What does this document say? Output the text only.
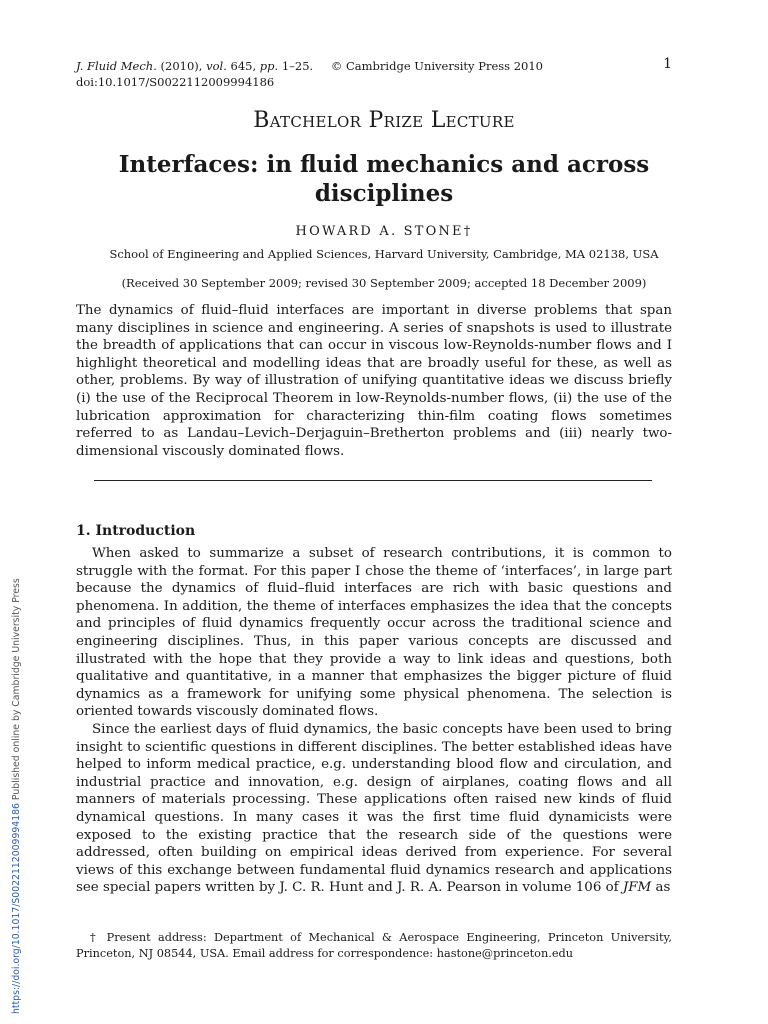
J. Fluid Mech. (2010), vol. 645, pp. 1–25. © Cambridge University Press 2010
doi:10.1017/S0022112009994186
1
Batchelor Prize Lecture
Interfaces: in fluid mechanics and across disciplines
HOWARD A. STONE†
School of Engineering and Applied Sciences, Harvard University, Cambridge, MA 02138, USA
(Received 30 September 2009; revised 30 September 2009; accepted 18 December 2009)
The dynamics of fluid–fluid interfaces are important in diverse problems that span many disciplines in science and engineering. A series of snapshots is used to illustrate the breadth of applications that can occur in viscous low-Reynolds-number flows and I highlight theoretical and modelling ideas that are broadly useful for these, as well as other, problems. By way of illustration of unifying quantitative ideas we discuss briefly (i) the use of the Reciprocal Theorem in low-Reynolds-number flows, (ii) the use of the lubrication approximation for characterizing thin-film coating flows sometimes referred to as Landau–Levich–Derjaguin–Bretherton problems and (iii) nearly two-dimensional viscously dominated flows.
1. Introduction

When asked to summarize a subset of research contributions, it is common to struggle with the format. For this paper I chose the theme of ‘interfaces’, in large part because the dynamics of fluid–fluid interfaces are rich with basic questions and phenomena. In addition, the theme of interfaces emphasizes the idea that the concepts and principles of fluid dynamics frequently occur across the traditional science and engineering disciplines. Thus, in this paper various concepts are discussed and illustrated with the hope that they provide a way to link ideas and questions, both qualitative and quantitative, in a manner that emphasizes the bigger picture of fluid dynamics as a framework for unifying some physical phenomena. The selection is oriented towards viscously dominated flows.

Since the earliest days of fluid dynamics, the basic concepts have been used to bring insight to scientific questions in different disciplines. The better established ideas have helped to inform medical practice, e.g. understanding blood flow and circulation, and industrial practice and innovation, e.g. design of airplanes, coating flows and all manners of materials processing. These applications often raised new kinds of fluid dynamical questions. In many cases it was the first time fluid dynamicists were exposed to the existing practice that the research side of the questions were addressed, often building on empirical ideas derived from experience. For several views of this exchange between fundamental fluid dynamics research and applications see special papers written by J. C. R. Hunt and J. R. A. Pearson in volume 106 of JFM as

† Present address: Department of Mechanical & Aerospace Engineering, Princeton University, Princeton, NJ 08544, USA. Email address for correspondence: hastone@princeton.edu

https://doi.org/10.1017/S0022112009994186 Published online by Cambridge University Press
